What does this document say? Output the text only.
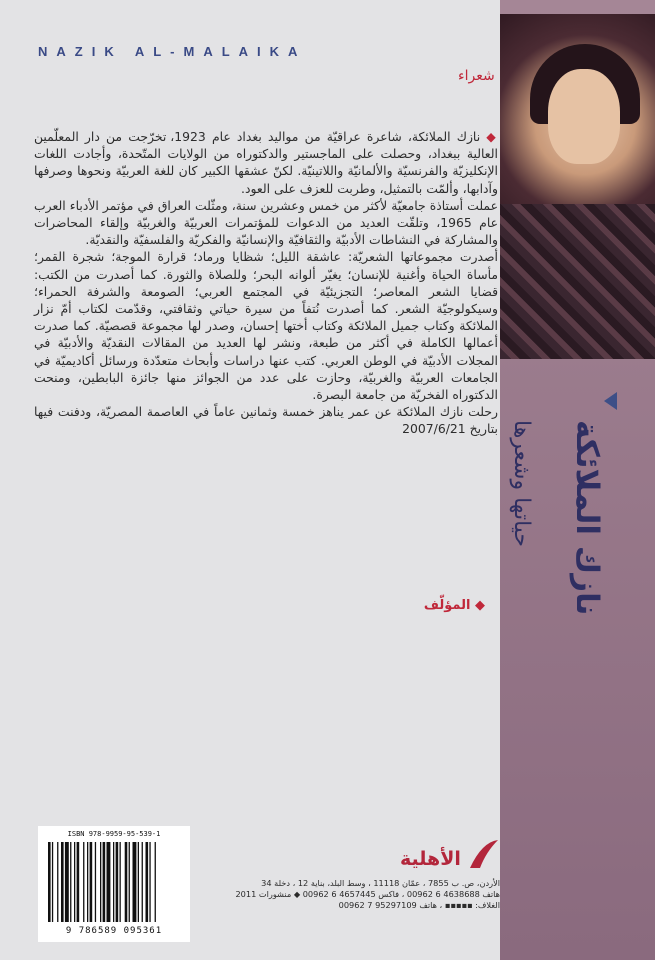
نازك الملائكة
حياتها وشعرها
NAZIK AL-MALAIKA
شعراء

◆ نازك الملائكة، شاعرة عراقيّة من مواليد بغداد عام 1923، تخرّجت من دار المعلّمين العالية ببغداد، وحصلت على الماجستير والدكتوراه من الولايات المتّحدة، وأجادت اللغات الإنكليزيّة والفرنسيّة والألمانيّة واللاتينيّة. لكنّ عشقها الكبير كان للغة العربيّة ونحوها وصرفها وآدابها، وألمّت بالتمثيل، وطربت للعزف على العود.

عملت أستاذة جامعيّة لأكثر من خمس وعشرين سنة، ومثّلت العراق في مؤتمر الأدباء العرب عام 1965، وتلقّت العديد من الدعوات للمؤتمرات العربيّة والغربيّة وإلقاء المحاضرات والمشاركة في النشاطات الأدبيّة والثقافيّة والإنسانيّة والفكريّة والفلسفيّة والنقديّة.

أصدرت مجموعاتها الشعريّة: عاشقة الليل؛ شظايا ورماد؛ قرارة الموجة؛ شجرة القمر؛ مأساة الحياة وأغنية للإنسان؛ يغيّر ألوانه البحر؛ وللصلاة والثورة. كما أصدرت من الكتب: قضايا الشعر المعاصر؛ التجزيئيّة في المجتمع العربي؛ الصومعة والشرفة الحمراء؛ وسيكولوجيّة الشعر. كما أصدرت نُتفاً من سيرة حياتي وثقافتي، وقدّمت لكتاب أمّ نزار الملائكة وكتاب جميل الملائكة وكتاب أختها إحسان، وصدر لها مجموعة قصصيّة. كما صدرت أعمالها الكاملة في أكثر من طبعة، ونشر لها العديد من المقالات النقديّة والأدبيّة في المجلات الأدبيّة في الوطن العربي. كتب عنها دراسات وأبحاث متعدّدة ورسائل أكاديميّة في الجامعات العربيّة والغربيّة، وحازت على عدد من الجوائز منها جائزة البابطين، ومنحت الدكتوراه الفخريّة من جامعة البصرة.

رحلت نازك الملائكة عن عمر يناهز خمسة وثمانين عاماً في العاصمة المصريّة، ودفنت فيها بتاريخ 2007/6/21

◆ المؤلّف
ISBN 978-9959-95-539-1
9 786589 095361
الأهلية
الأردن، ص. ب 7855 ، عمّان 11118 ، وسط البلد، بناية 12 ، دخلة 34
هاتف 4638688 6 00962 ، فاكس 4657445 6 00962 ◆ منشورات 2011
الغلاف: ▪▪▪▪▪ ، هاتف 95297109 7 00962
